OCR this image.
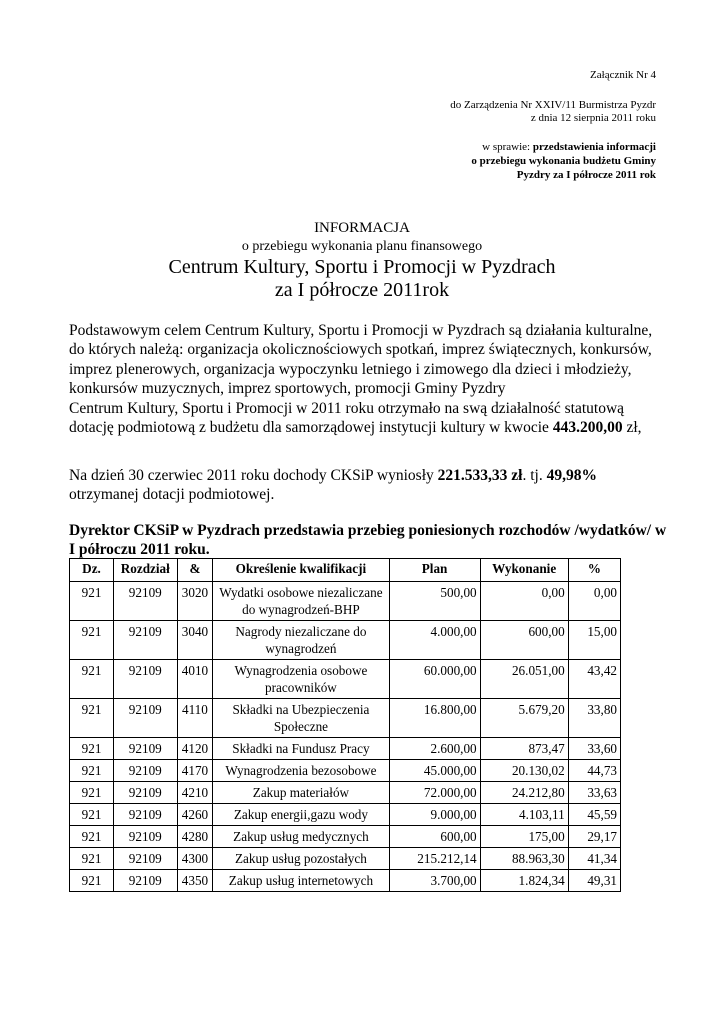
Załącznik Nr 4
do Zarządzenia Nr XXIV/11 Burmistrza Pyzdr
z dnia 12 sierpnia 2011 roku
w sprawie: przedstawienia informacji
o przebiegu wykonania budżetu Gminy
Pyzdry za I półrocze 2011 rok
INFORMACJA
o przebiegu wykonania planu finansowego
Centrum Kultury, Sportu i Promocji w Pyzdrach
za I półrocze 2011rok

Podstawowym celem Centrum Kultury, Sportu i Promocji w Pyzdrach są działania kulturalne, do których należą: organizacja okolicznościowych spotkań, imprez świątecznych, konkursów, imprez plenerowych, organizacja wypoczynku letniego i zimowego dla dzieci i młodzieży, konkursów muzycznych, imprez sportowych, promocji Gminy Pyzdry

Centrum Kultury, Sportu i Promocji w 2011 roku otrzymało na swą działalność statutową dotację podmiotową z budżetu dla samorządowej instytucji kultury w kwocie 443.200,00 zł,

Na dzień 30 czerwiec 2011 roku dochody CKSiP wyniosły 221.533,33 zł. tj. 49,98% otrzymanej dotacji podmiotowej.

Dyrektor CKSiP w Pyzdrach przedstawia przebieg poniesionych rozchodów /wydatków/ w I półroczu 2011 roku.
Dz.	Rozdział	&	Określenie kwalifikacji	Plan	Wykonanie	%
921	92109	3020	Wydatki osobowe niezaliczane do wynagrodzeń-BHP	500,00	0,00	0,00
921	92109	3040	Nagrody niezaliczane do wynagrodzeń	4.000,00	600,00	15,00
921	92109	4010	Wynagrodzenia osobowe pracowników	60.000,00	26.051,00	43,42
921	92109	4110	Składki na Ubezpieczenia Społeczne	16.800,00	5.679,20	33,80
921	92109	4120	Składki na Fundusz Pracy	2.600,00	873,47	33,60
921	92109	4170	Wynagrodzenia bezosobowe	45.000,00	20.130,02	44,73
921	92109	4210	Zakup materiałów	72.000,00	24.212,80	33,63
921	92109	4260	Zakup energii,gazu wody	9.000,00	4.103,11	45,59
921	92109	4280	Zakup usług medycznych	600,00	175,00	29,17
921	92109	4300	Zakup usług pozostałych	215.212,14	88.963,30	41,34
921	92109	4350	Zakup usług internetowych	3.700,00	1.824,34	49,31
